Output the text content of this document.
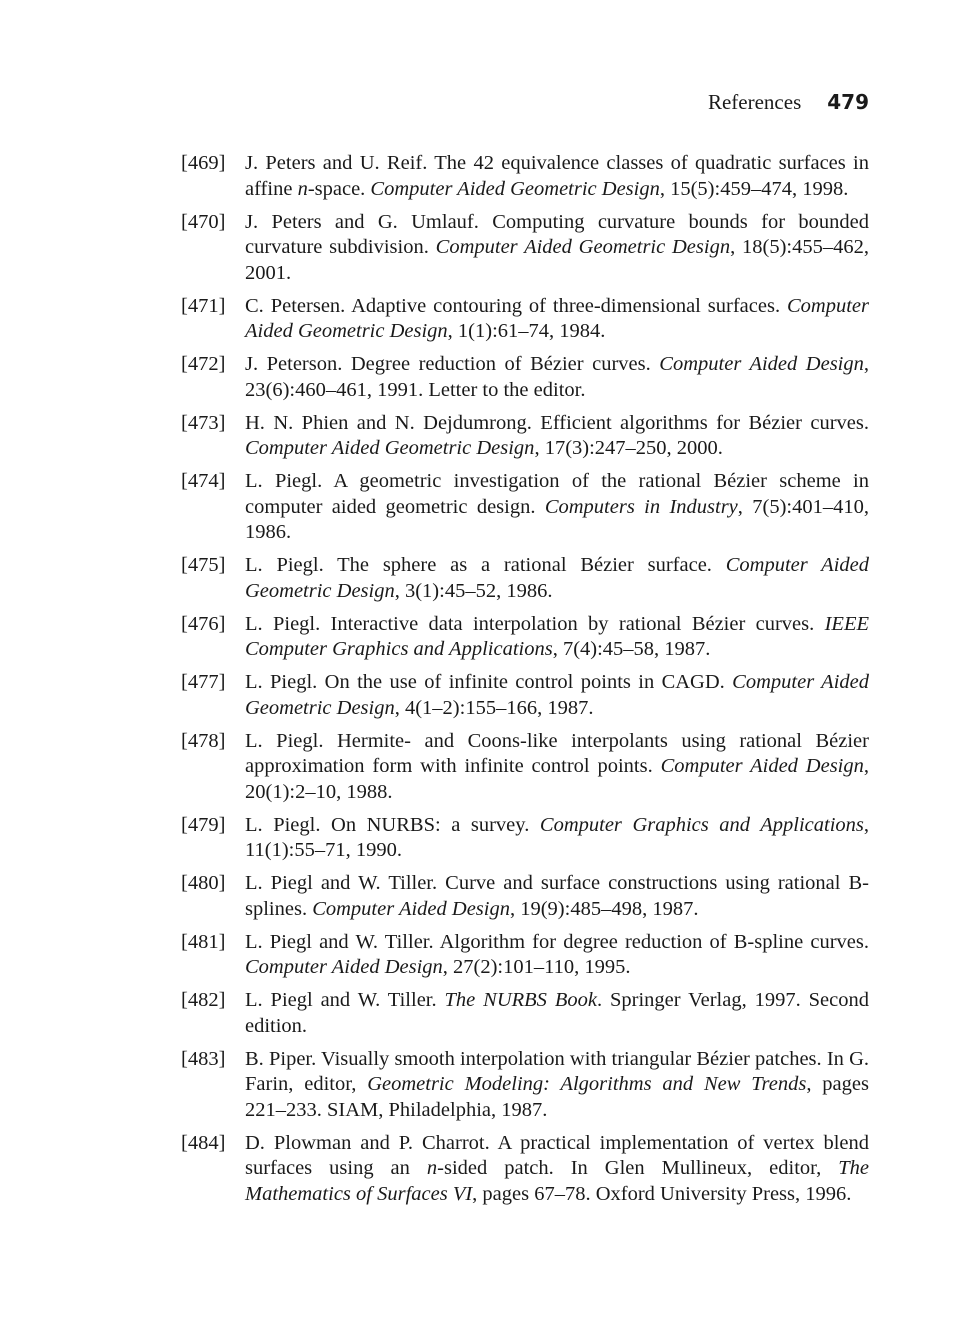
References 479
[469] J. Peters and U. Reif. The 42 equivalence classes of quadratic surfaces in affine n-space. Computer Aided Geometric Design, 15(5):459–474, 1998.
[470] J. Peters and G. Umlauf. Computing curvature bounds for bounded curvature subdivision. Computer Aided Geometric Design, 18(5):455–462, 2001.
[471] C. Petersen. Adaptive contouring of three-dimensional surfaces. Computer Aided Geometric Design, 1(1):61–74, 1984.
[472] J. Peterson. Degree reduction of Bézier curves. Computer Aided Design, 23(6):460–461, 1991. Letter to the editor.
[473] H. N. Phien and N. Dejdumrong. Efficient algorithms for Bézier curves. Computer Aided Geometric Design, 17(3):247–250, 2000.
[474] L. Piegl. A geometric investigation of the rational Bézier scheme in computer aided geometric design. Computers in Industry, 7(5):401–410, 1986.
[475] L. Piegl. The sphere as a rational Bézier surface. Computer Aided Geometric Design, 3(1):45–52, 1986.
[476] L. Piegl. Interactive data interpolation by rational Bézier curves. IEEE Computer Graphics and Applications, 7(4):45–58, 1987.
[477] L. Piegl. On the use of infinite control points in CAGD. Computer Aided Geometric Design, 4(1–2):155–166, 1987.
[478] L. Piegl. Hermite- and Coons-like interpolants using rational Bézier approximation form with infinite control points. Computer Aided Design, 20(1):2–10, 1988.
[479] L. Piegl. On NURBS: a survey. Computer Graphics and Applications, 11(1):55–71, 1990.
[480] L. Piegl and W. Tiller. Curve and surface constructions using rational B-splines. Computer Aided Design, 19(9):485–498, 1987.
[481] L. Piegl and W. Tiller. Algorithm for degree reduction of B-spline curves. Computer Aided Design, 27(2):101–110, 1995.
[482] L. Piegl and W. Tiller. The NURBS Book. Springer Verlag, 1997. Second edition.
[483] B. Piper. Visually smooth interpolation with triangular Bézier patches. In G. Farin, editor, Geometric Modeling: Algorithms and New Trends, pages 221–233. SIAM, Philadelphia, 1987.
[484] D. Plowman and P. Charrot. A practical implementation of vertex blend surfaces using an n-sided patch. In Glen Mullineux, editor, The Mathematics of Surfaces VI, pages 67–78. Oxford University Press, 1996.
